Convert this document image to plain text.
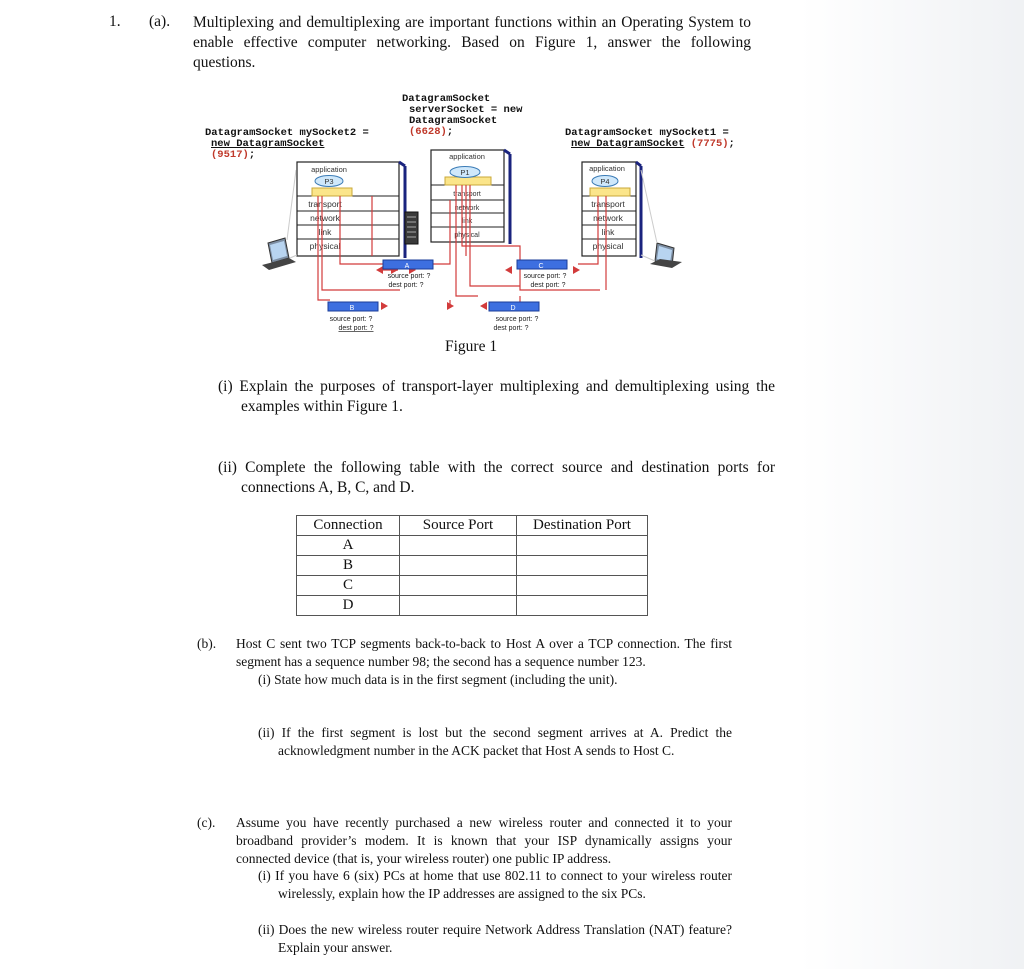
1. (a). Multiplexing and demultiplexing are important functions within an Operating System to enable effective computer networking. Based on Figure 1, answer the following questions.
DatagramSocket
serverSocket = new
DatagramSocket
(6628);
DatagramSocket mySocket2 =
new DatagramSocket
(9517);
DatagramSocket mySocket1 =
new DatagramSocket (7775);
application
P3
transport
network
link
physical
application
P1
transport
network
link
physical
application
P4
transport
network
link
physical
A
source port: ?
dest port: ?
B
source port: ?
dest port: ?
C
source port: ?
dest port: ?
D
source port: ?
dest port: ?
Figure 1
(i) Explain the purposes of transport-layer multiplexing and demultiplexing using the examples within Figure 1.
(ii) Complete the following table with the correct source and destination ports for connections A, B, C, and D.
Connection	Source Port	Destination Port
A		
B		
C		
D		
(b). Host C sent two TCP segments back-to-back to Host A over a TCP connection. The first segment has a sequence number 98; the second has a sequence number 123.
(i) State how much data is in the first segment (including the unit).
(ii) If the first segment is lost but the second segment arrives at A. Predict the acknowledgment number in the ACK packet that Host A sends to Host C.
(c). Assume you have recently purchased a new wireless router and connected it to your broadband provider’s modem. It is known that your ISP dynamically assigns your connected device (that is, your wireless router) one public IP address.
(i) If you have 6 (six) PCs at home that use 802.11 to connect to your wireless router wirelessly, explain how the IP addresses are assigned to the six PCs.
(ii) Does the new wireless router require Network Address Translation (NAT) feature? Explain your answer.
